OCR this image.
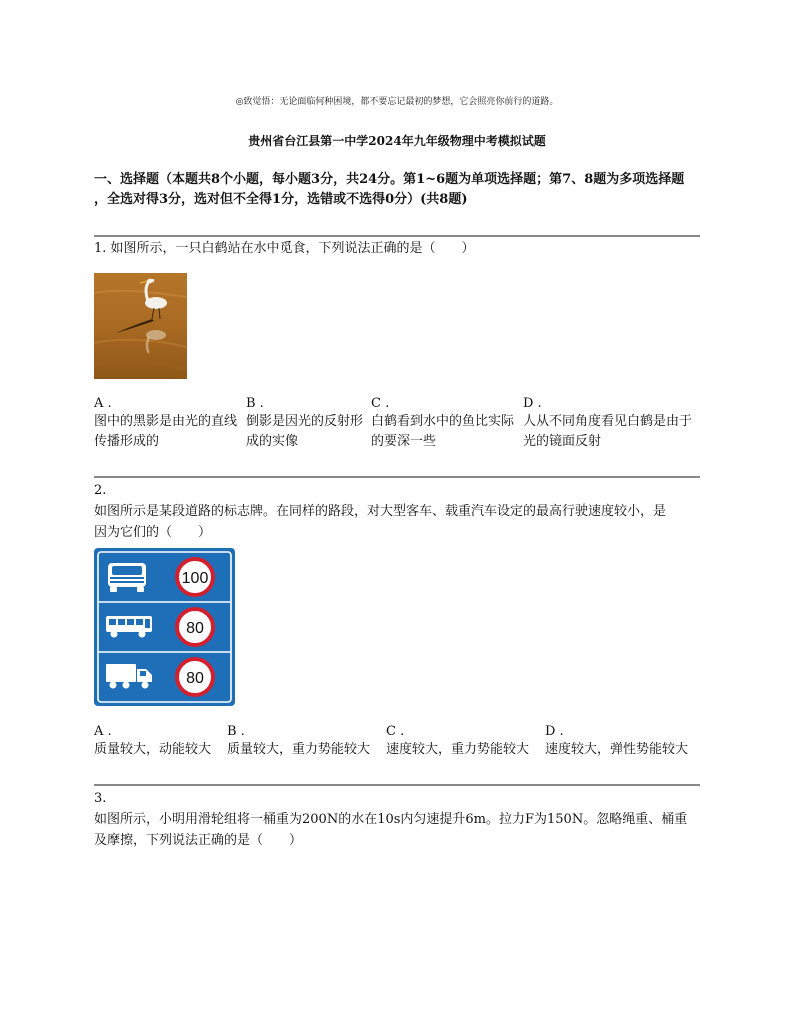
◎致觉悟：无论面临何种困境，都不要忘记最初的梦想，它会照亮你前行的道路。
贵州省台江县第一中学2024年九年级物理中考模拟试题
一、选择题（本题共8个小题，每小题3分，共24分。第1~6题为单项选择题；第7、8题为多项选择题
，全选对得3分，选对但不全得1分，选错或不选得0分）(共8题)
1. 如图所示，一只白鹤站在水中觅食，下列说法正确的是（　　）
A .
图中的黑影是由光的直线传播形成的
B .
倒影是因光的反射形成的实像
C .
白鹤看到水中的鱼比实际的要深一些
D .
人从不同角度看见白鹤是由于光的镜面反射
2.
如图所示是某段道路的标志牌。在同样的路段，对大型客车、载重汽车设定的最高行驶速度较小，是
因为它们的（　　）
100
80
80
A .
质量较大，动能较大
B .
质量较大，重力势能较大
C .
速度较大，重力势能较大
D .
速度较大，弹性势能较大
3.
如图所示，小明用滑轮组将一桶重为200N的水在10s内匀速提升6m。拉力F为150N。忽略绳重、桶重
及摩擦，下列说法正确的是（　　）
